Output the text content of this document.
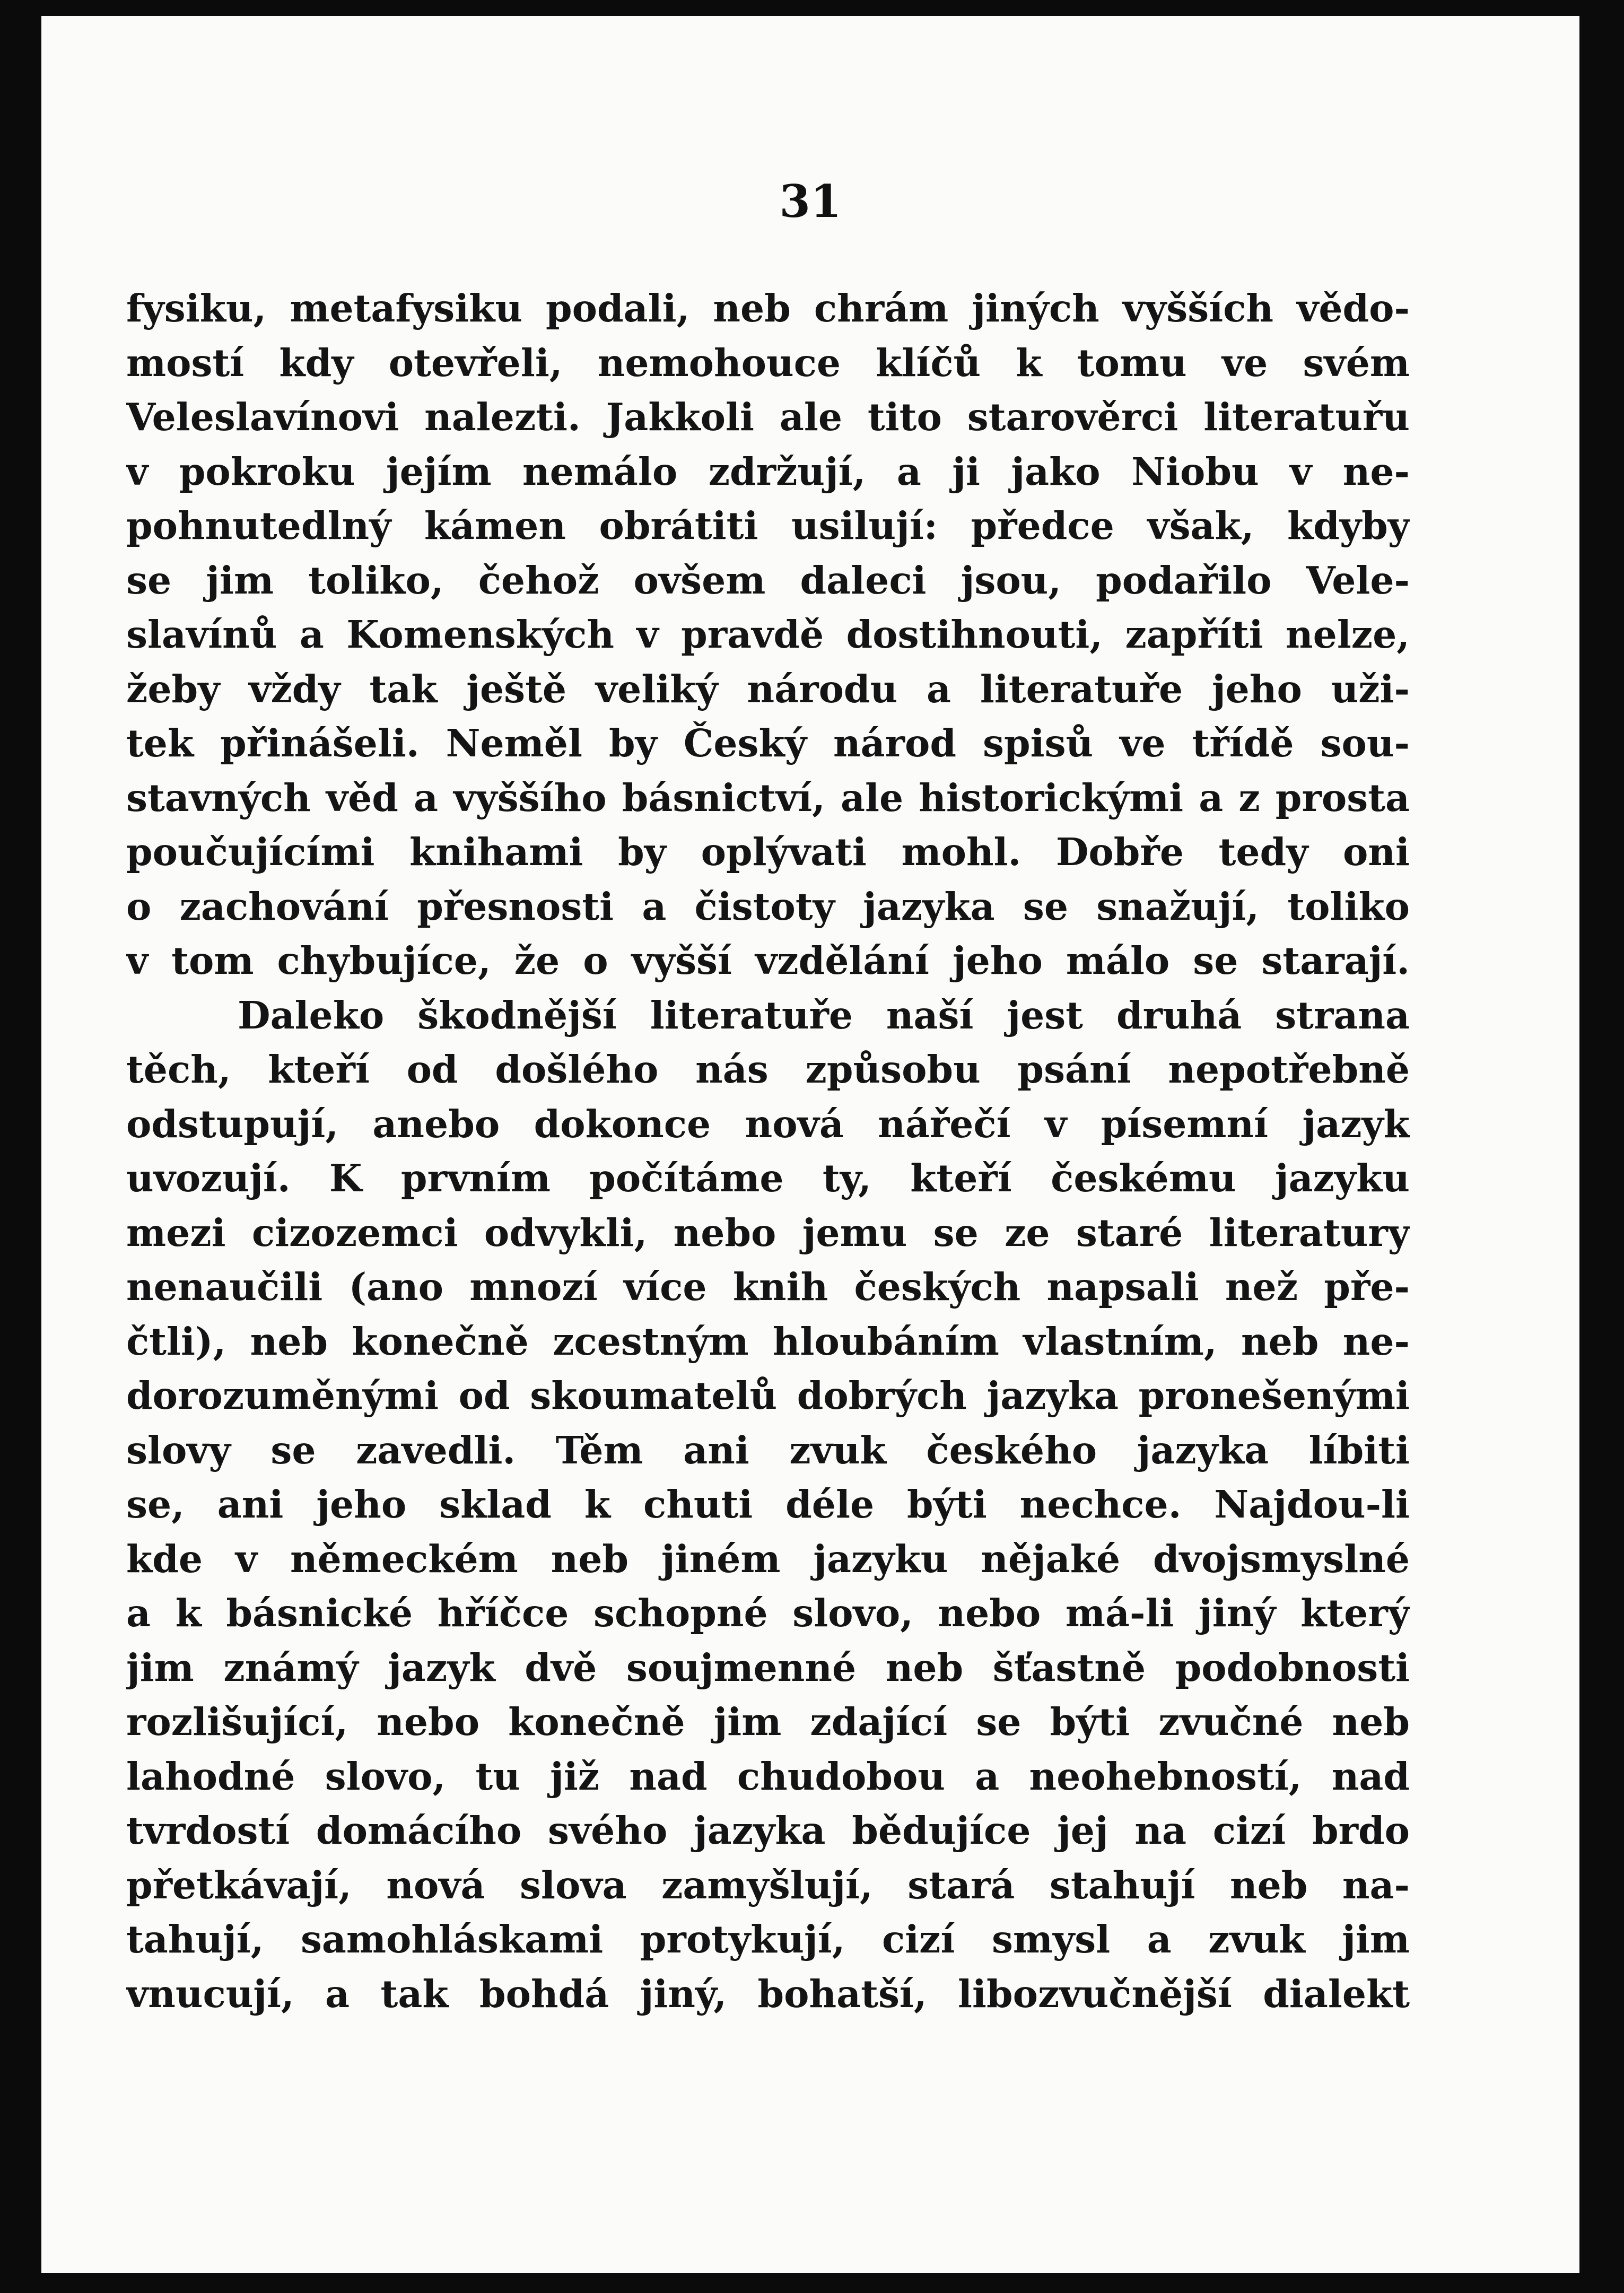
31
fysiku, metafysiku podali, neb chrám jiných vyšších vědo-
mostí kdy otevřeli, nemohouce klíčů k tomu ve svém
Veleslavínovi nalezti. Jakkoli ale tito starověrci literatuřu
v pokroku jejím nemálo zdržují, a ji jako Niobu v ne-
pohnutedlný kámen obrátiti usilují: předce však, kdyby
se jim toliko, čehož ovšem daleci jsou, podařilo Vele-
slavínů a Komenských v pravdě dostihnouti, zapříti nelze,
žeby vždy tak ještě veliký národu a literatuře jeho uži-
tek přinášeli. Neměl by Český národ spisů ve třídě sou-
stavných věd a vyššího básnictví, ale historickými a z prosta
poučujícími knihami by oplývati mohl. Dobře tedy oni
o zachování přesnosti a čistoty jazyka se snažují, toliko
v tom chybujíce, že o vyšší vzdělání jeho málo se starají.
Daleko škodnější literatuře naší jest druhá strana
těch, kteří od došlého nás způsobu psání nepotřebně
odstupují, anebo dokonce nová nářečí v písemní jazyk
uvozují. K prvním počítáme ty, kteří českému jazyku
mezi cizozemci odvykli, nebo jemu se ze staré literatury
nenaučili (ano mnozí více knih českých napsali než pře-
čtli), neb konečně zcestným hloubáním vlastním, neb ne-
dorozuměnými od skoumatelů dobrých jazyka pronešenými
slovy se zavedli. Těm ani zvuk českého jazyka líbiti
se, ani jeho sklad k chuti déle býti nechce. Najdou-li
kde v německém neb jiném jazyku nějaké dvojsmyslné
a k básnické hříčce schopné slovo, nebo má-li jiný který
jim známý jazyk dvě soujmenné neb šťastně podobnosti
rozlišující, nebo konečně jim zdající se býti zvučné neb
lahodné slovo, tu již nad chudobou a neohebností, nad
tvrdostí domácího svého jazyka bědujíce jej na cizí brdo
přetkávají, nová slova zamyšlují, stará stahují neb na-
tahují, samohláskami protykují, cizí smysl a zvuk jim
vnucují, a tak bohdá jiný, bohatší, libozvučnější dialekt
